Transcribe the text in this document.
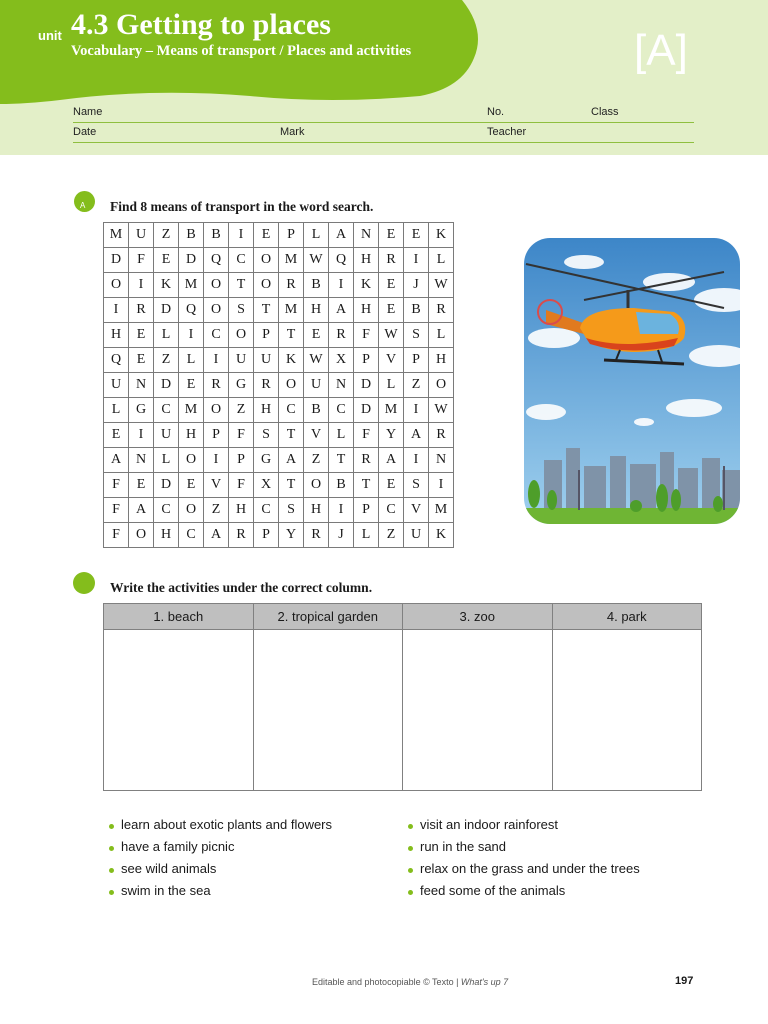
unit 4.3 Getting to places
Vocabulary – Means of transport / Places and activities	[A]
Name	No.	Class
Date	Mark	Teacher
A Find 8 means of transport in the word search.
M	U	Z	B	B	I	E	P	L	A	N	E	E	K
D	F	E	D	Q	C	O	M	W	Q	H	R	I	L
O	I	K	M	O	T	O	R	B	I	K	E	J	W
I	R	D	Q	O	S	T	M	H	A	H	E	B	R
H	E	L	I	C	O	P	T	E	R	F	W	S	L
Q	E	Z	L	I	U	U	K	W	X	P	V	P	H
U	N	D	E	R	G	R	O	U	N	D	L	Z	O
L	G	C	M	O	Z	H	C	B	C	D	M	I	W
E	I	U	H	P	F	S	T	V	L	F	Y	A	R
A	N	L	O	I	P	G	A	Z	T	R	A	I	N
F	E	D	E	V	F	X	T	O	B	T	E	S	I
F	A	C	O	Z	H	C	S	H	I	P	C	V	M
F	O	H	C	A	R	P	Y	R	J	L	Z	U	K
Write the activities under the correct column.
1. beach	2. tropical garden	3. zoo	4. park

learn about exotic plants and flowers
have a family picnic
see wild animals
swim in the sea
visit an indoor rainforest
run in the sand
relax on the grass and under the trees
feed some of the animals
Editable and photocopiable © Texto | What's up 7	197
